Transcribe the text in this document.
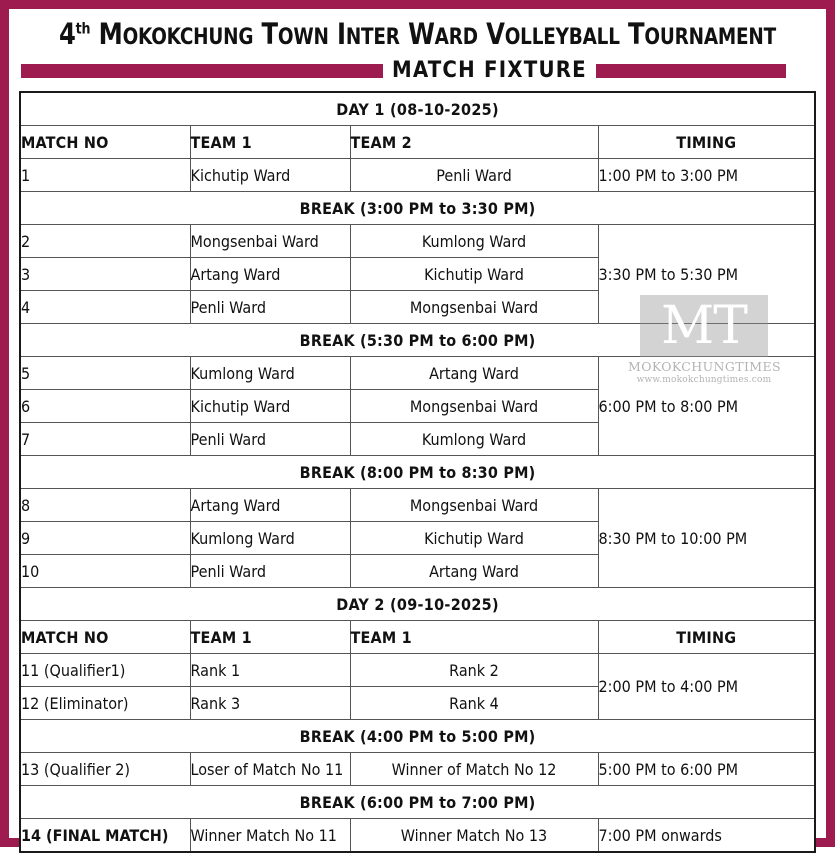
4th MOKOKCHUNG TOWN INTER WARD VOLLEYBALL TOURNAMENT
MATCH FIXTURE
DAY 1 (08-10-2025)			
MATCH NO	TEAM 1	TEAM 2	TIMING
1	Kichutip Ward	Penli Ward	1:00 PM to 3:00 PM
BREAK (3:00 PM to 3:30 PM)			
2	Mongsenbai Ward	Kumlong Ward	3:30 PM to 5:30 PM
3	Artang Ward	Kichutip Ward	
4	Penli Ward	Mongsenbai Ward	
BREAK (5:30 PM to 6:00 PM)			
5	Kumlong Ward	Artang Ward	6:00 PM to 8:00 PM
6	Kichutip Ward	Mongsenbai Ward	
7	Penli Ward	Kumlong Ward	
BREAK (8:00 PM to 8:30 PM)			
8	Artang Ward	Mongsenbai Ward	8:30 PM to 10:00 PM
9	Kumlong Ward	Kichutip Ward	
10	Penli Ward	Artang Ward	
DAY 2 (09-10-2025)			
MATCH NO	TEAM 1	TEAM 1	TIMING
11 (Qualifier1)	Rank 1	Rank 2	2:00 PM to 4:00 PM
12 (Eliminator)	Rank 3	Rank 4	
BREAK (4:00 PM to 5:00 PM)			
13 (Qualifier 2)	Loser of Match No 11	Winner of Match No 12	5:00 PM to 6:00 PM
BREAK (6:00 PM to 7:00 PM)			
14 (FINAL MATCH)	Winner Match No 11	Winner Match No 13	7:00 PM onwards
MT
MOKOKCHUNGTIMES
www.mokokchungtimes.com
